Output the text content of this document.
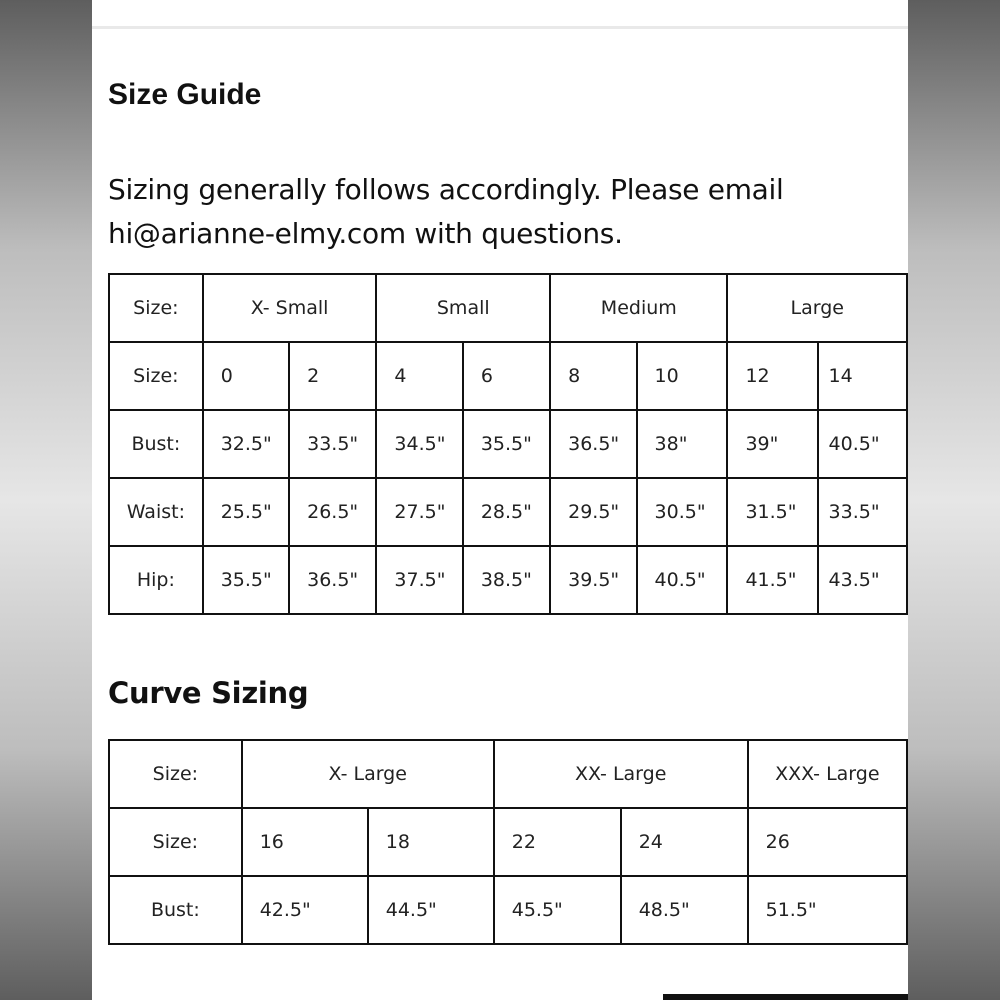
Size Guide

Sizing generally follows accordingly. Please email hi@arianne-elmy.com with questions.

Size:	X- Small		Small		Medium		Large	
Size:	0	2	4	6	8	10	12	14
Bust:	32.5"	33.5"	34.5"	35.5"	36.5"	38"	39"	40.5"
Waist:	25.5"	26.5"	27.5"	28.5"	29.5"	30.5"	31.5"	33.5"
Hip:	35.5"	36.5"	37.5"	38.5"	39.5"	40.5"	41.5"	43.5"
Curve Sizing
Size:	X- Large		XX- Large		XXX- Large
Size:	16	18	22	24	26
Bust:	42.5"	44.5"	45.5"	48.5"	51.5"
